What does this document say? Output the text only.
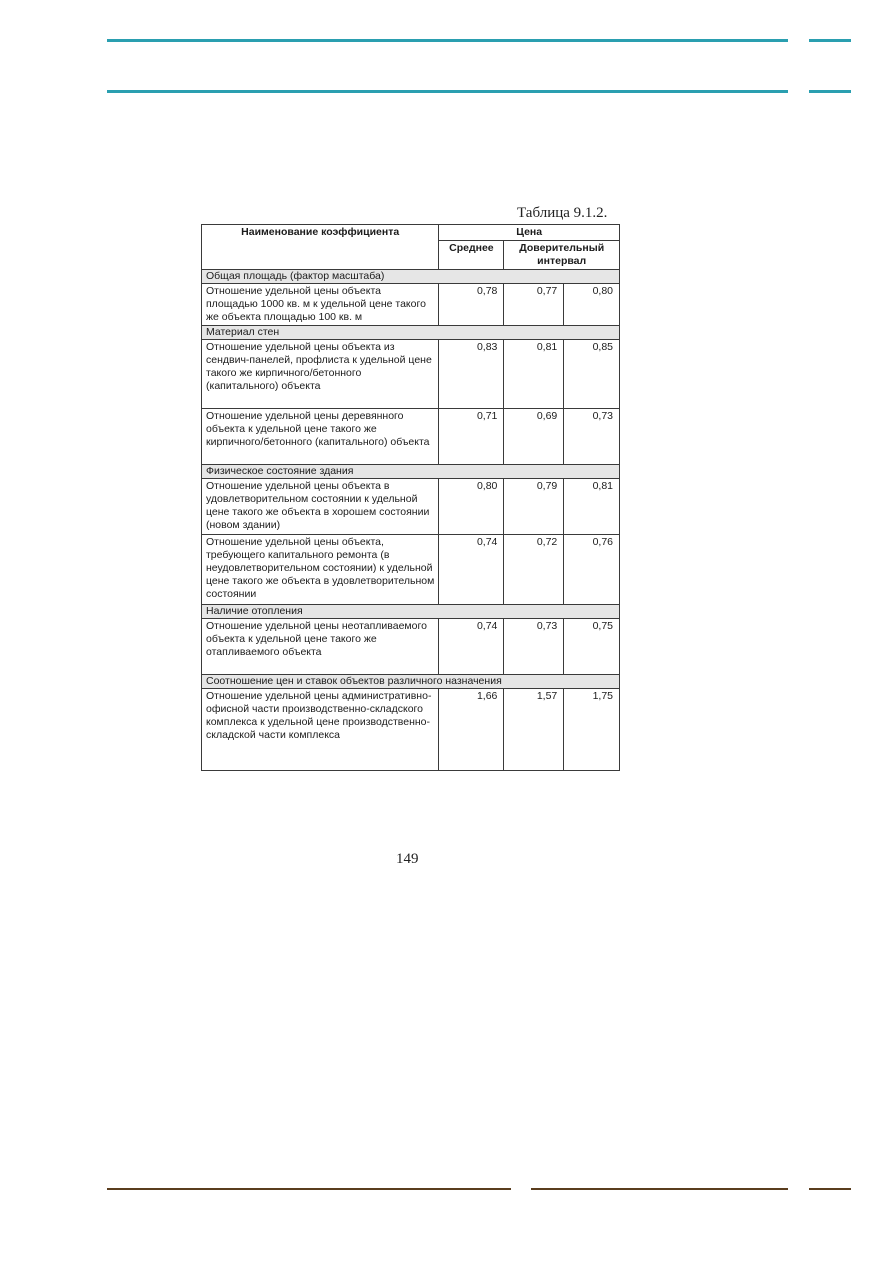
Таблица 9.1.2.
Наименование коэффициента	Цена		
	Среднее	Доверительный интервал	
Общая площадь (фактор масштаба)			
Отношение удельной цены объекта площадью 1000 кв. м к удельной цене такого же объекта площадью 100 кв. м	0,78	0,77	0,80
Материал стен			
Отношение удельной цены объекта из сендвич-панелей, профлиста к удельной цене такого же кирпичного/бетонного (капитального) объекта	0,83	0,81	0,85
Отношение удельной цены деревянного объекта к удельной цене такого же кирпичного/бетонного (капитального) объекта	0,71	0,69	0,73
Физическое состояние здания			
Отношение удельной цены объекта в удовлетворительном состоянии к удельной цене такого же объекта в хорошем состоянии (новом здании)	0,80	0,79	0,81
Отношение удельной цены объекта, требующего капитального ремонта (в неудовлетворительном состоянии) к удельной цене такого же объекта в удовлетворительном состоянии	0,74	0,72	0,76
Наличие отопления			
Отношение удельной цены неотапливаемого объекта к удельной цене такого же отапливаемого объекта	0,74	0,73	0,75
Соотношение цен и ставок объектов различного назначения			
Отношение удельной цены административно-офисной части производственно-складского комплекса к удельной цене производственно-складской части комплекса	1,66	1,57	1,75
149
